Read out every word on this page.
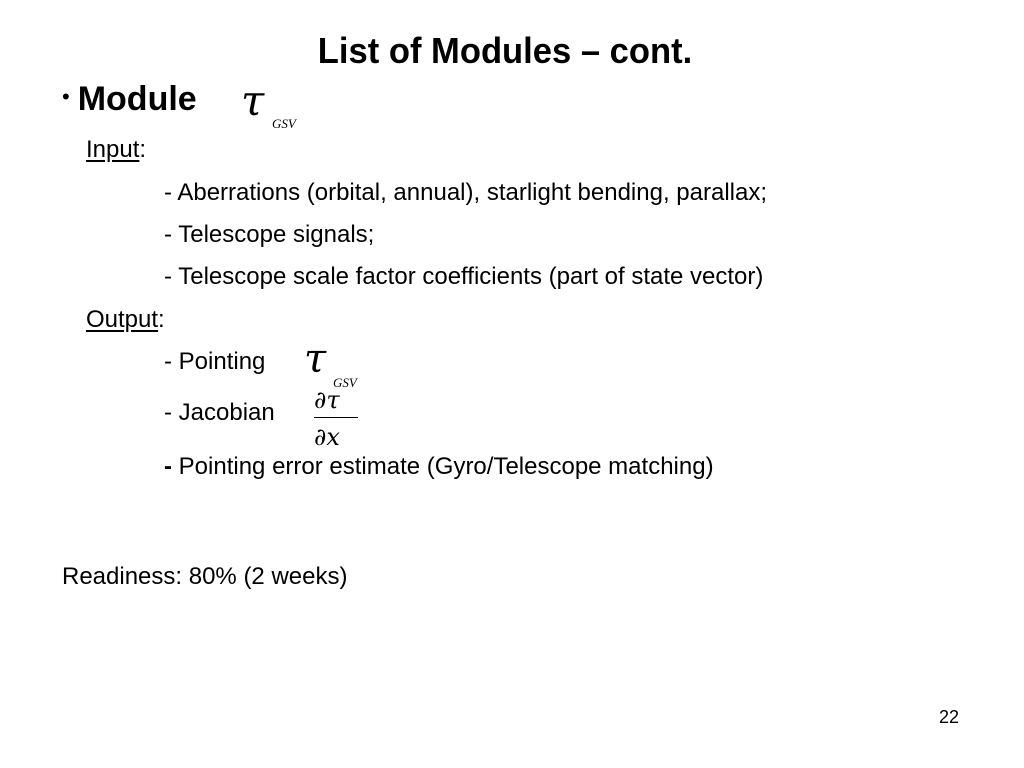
List of Modules – cont.
• Module τ GSV
Input:
- Aberrations (orbital, annual), starlight bending, parallax;
- Telescope signals;
- Telescope scale factor coefficients (part of state vector)
Output:
- Pointing τ
GSV
- Jacobian ∂τ
∂x
- Pointing error estimate (Gyro/Telescope matching)
Readiness: 80% (2 weeks)
22
